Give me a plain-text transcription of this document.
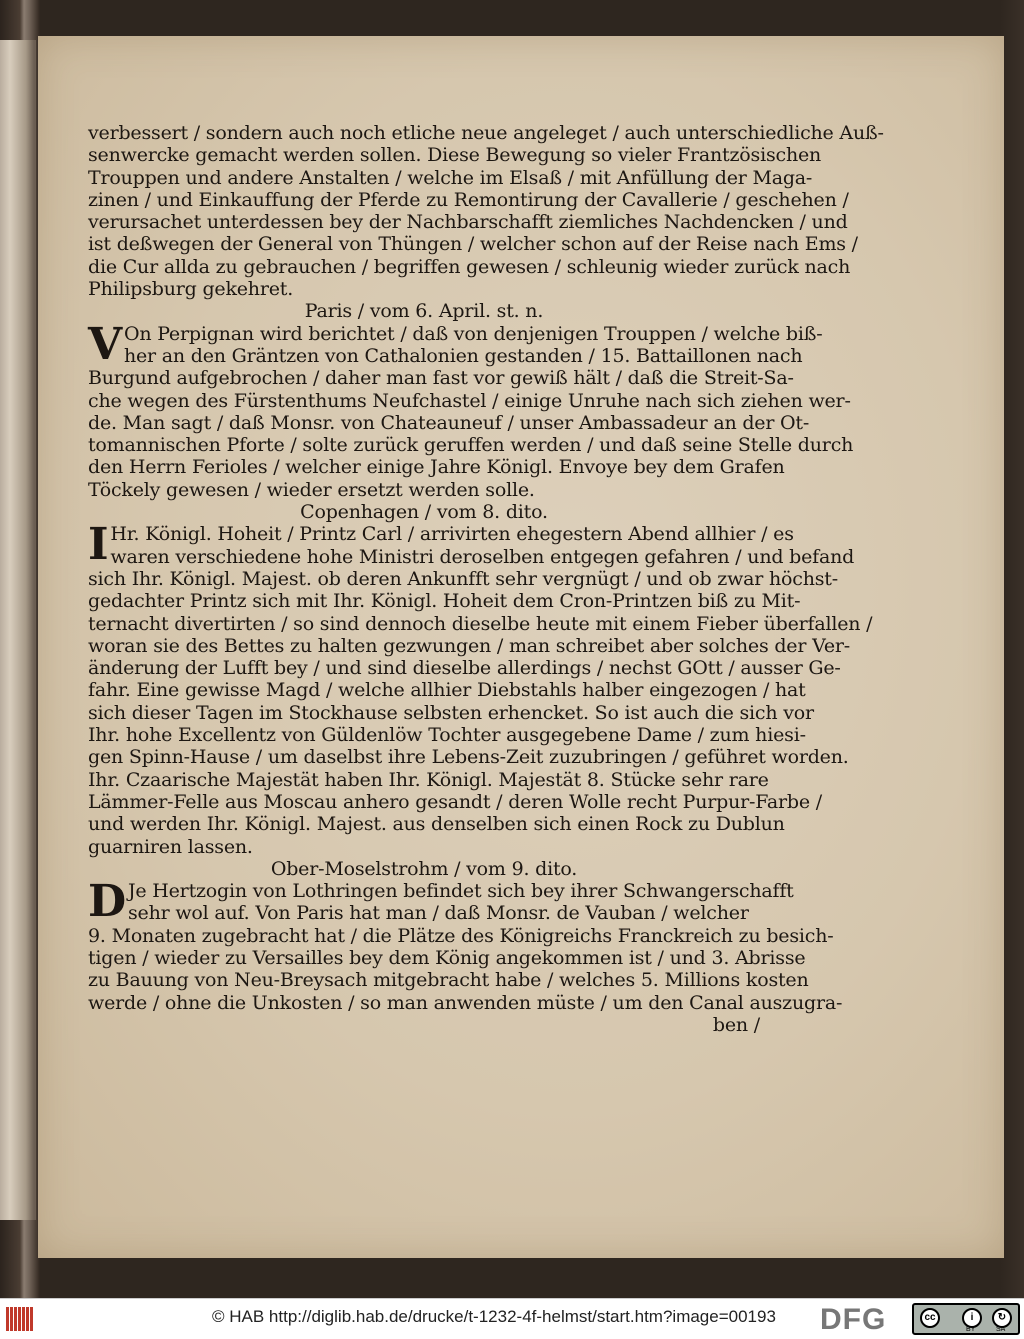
verbessert / sondern auch noch etliche neue angeleget / auch unterschiedliche Auß-
senwercke gemacht werden sollen. Diese Bewegung so vieler Frantzösischen
Trouppen und andere Anstalten / welche im Elsaß / mit Anfüllung der Maga-
zinen / und Einkauffung der Pferde zu Remontirung der Cavallerie / geschehen /
verursachet unterdessen bey der Nachbarschafft ziemliches Nachdencken / und
ist deßwegen der General von Thüngen / welcher schon auf der Reise nach Ems /
die Cur allda zu gebrauchen / begriffen gewesen / schleunig wieder zurück nach
Philipsburg gekehret.
Paris / vom 6. April. st. n.
V On Perpignan wird berichtet / daß von denjenigen Trouppen / welche biß-
her an den Gräntzen von Cathalonien gestanden / 15. Battaillonen nach
Burgund aufgebrochen / daher man fast vor gewiß hält / daß die Streit-Sa-
che wegen des Fürstenthums Neufchastel / einige Unruhe nach sich ziehen wer-
de. Man sagt / daß Monsr. von Chateauneuf / unser Ambassadeur an der Ot-
tomannischen Pforte / solte zurück geruffen werden / und daß seine Stelle durch
den Herrn Ferioles / welcher einige Jahre Königl. Envoye bey dem Grafen
Töckely gewesen / wieder ersetzt werden solle.
Copenhagen / vom 8. dito.
I Hr. Königl. Hoheit / Printz Carl / arrivirten ehegestern Abend allhier / es
waren verschiedene hohe Ministri deroselben entgegen gefahren / und befand
sich Ihr. Königl. Majest. ob deren Ankunfft sehr vergnügt / und ob zwar höchst-
gedachter Printz sich mit Ihr. Königl. Hoheit dem Cron-Printzen biß zu Mit-
ternacht divertirten / so sind dennoch dieselbe heute mit einem Fieber überfallen /
woran sie des Bettes zu halten gezwungen / man schreibet aber solches der Ver-
änderung der Lufft bey / und sind dieselbe allerdings / nechst GOtt / ausser Ge-
fahr. Eine gewisse Magd / welche allhier Diebstahls halber eingezogen / hat
sich dieser Tagen im Stockhause selbsten erhencket. So ist auch die sich vor
Ihr. hohe Excellentz von Güldenlöw Tochter ausgegebene Dame / zum hiesi-
gen Spinn-Hause / um daselbst ihre Lebens-Zeit zuzubringen / geführet worden.
Ihr. Czaarische Majestät haben Ihr. Königl. Majestät 8. Stücke sehr rare
Lämmer-Felle aus Moscau anhero gesandt / deren Wolle recht Purpur-Farbe /
und werden Ihr. Königl. Majest. aus denselben sich einen Rock zu Dublun
guarniren lassen.
Ober-Moselstrohm / vom 9. dito.
D Je Hertzogin von Lothringen befindet sich bey ihrer Schwangerschafft
sehr wol auf. Von Paris hat man / daß Monsr. de Vauban / welcher
9. Monaten zugebracht hat / die Plätze des Königreichs Franckreich zu besich-
tigen / wieder zu Versailles bey dem König angekommen ist / und 3. Abrisse
zu Bauung von Neu-Breysach mitgebracht habe / welches 5. Millions kosten
werde / ohne die Unkosten / so man anwenden müste / um den Canal auszugra-
ben /
© HAB http://diglib.hab.de/drucke/t-1232-4f-helmst/start.htm?image=00193 DFG	cc	i	↻
BY	SA
